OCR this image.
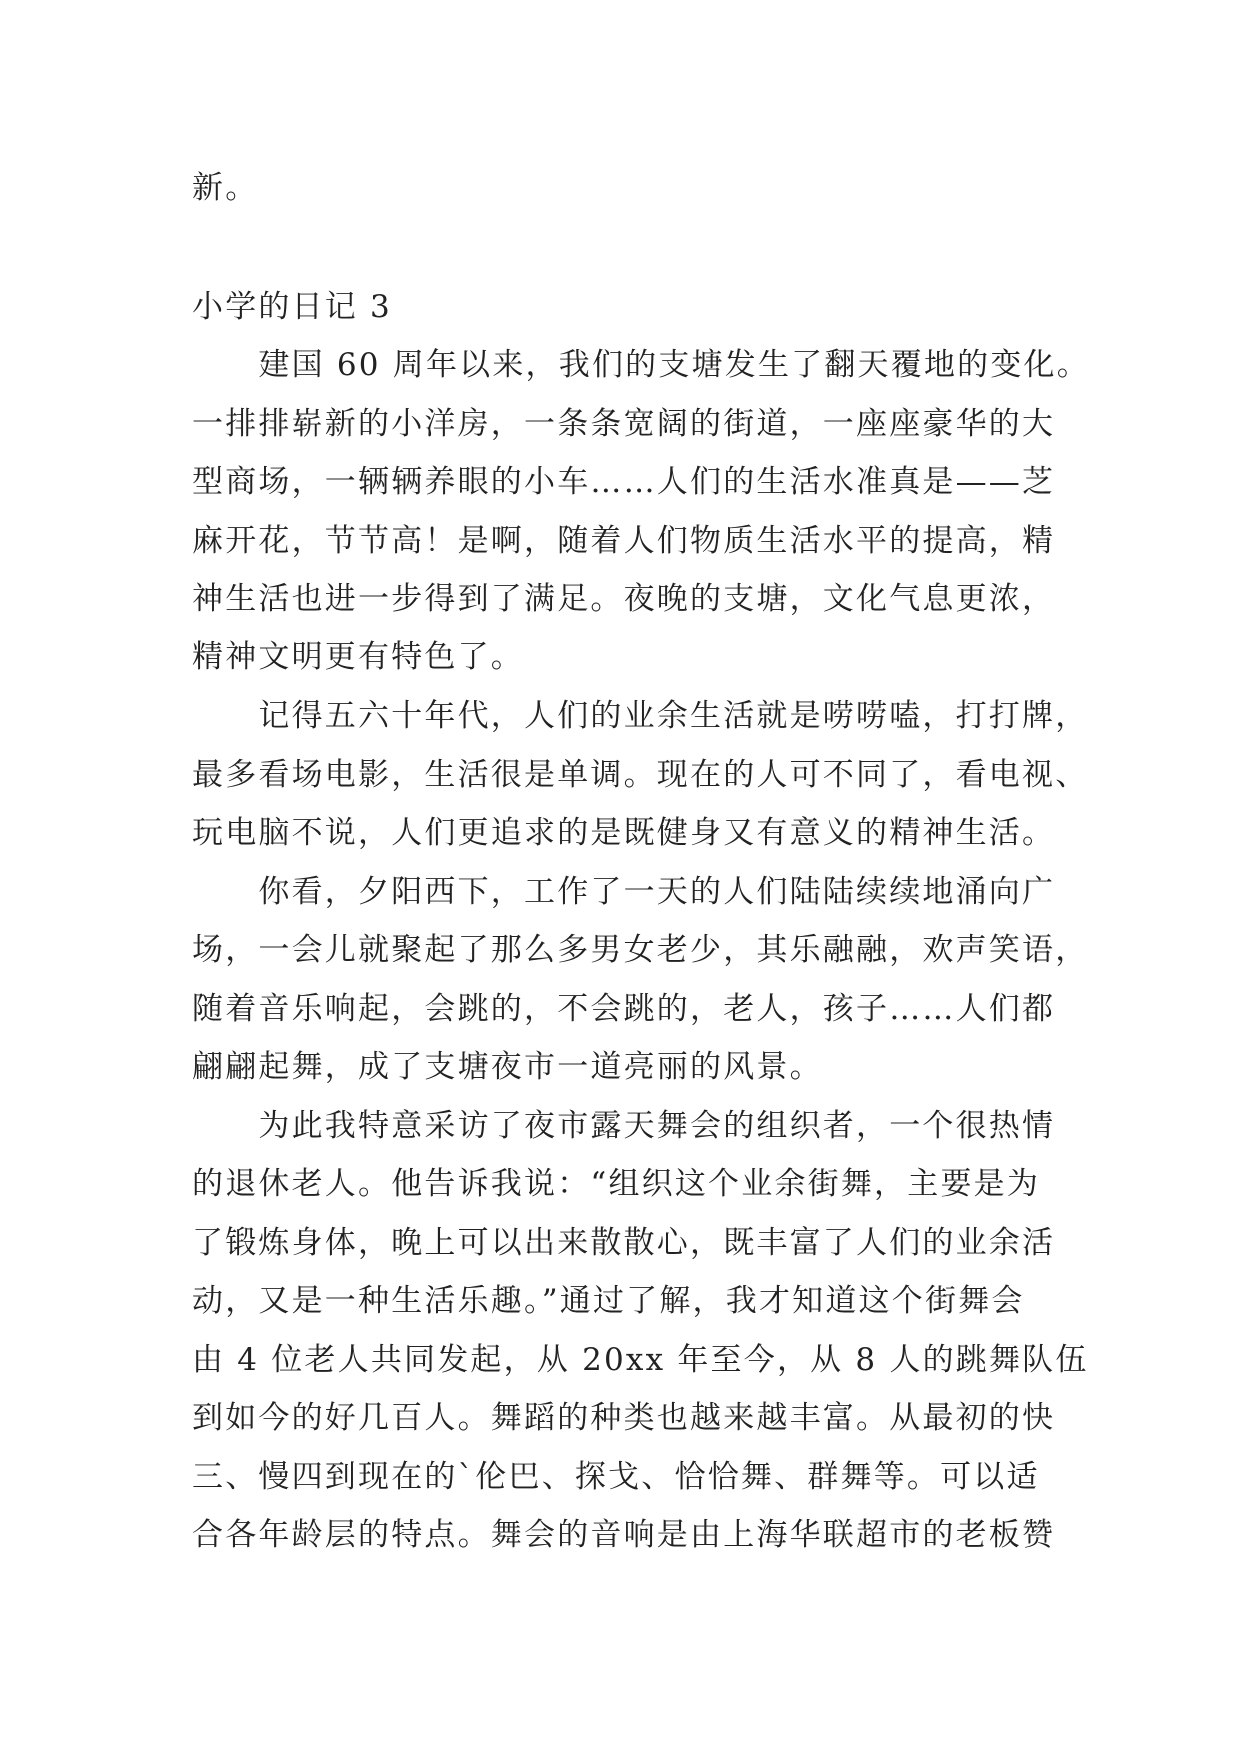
新。
小学的日记 3
　　建国 60 周年以来，我们的支塘发生了翻天覆地的变化。
一排排崭新的小洋房，一条条宽阔的街道，一座座豪华的大
型商场，一辆辆养眼的小车……人们的生活水准真是——芝
麻开花，节节高！是啊，随着人们物质生活水平的提高，精
神生活也进一步得到了满足。夜晚的支塘，文化气息更浓，
精神文明更有特色了。
　　记得五六十年代，人们的业余生活就是唠唠嗑，打打牌，
最多看场电影，生活很是单调。现在的人可不同了，看电视、
玩电脑不说，人们更追求的是既健身又有意义的精神生活。
　　你看，夕阳西下，工作了一天的人们陆陆续续地涌向广
场，一会儿就聚起了那么多男女老少，其乐融融，欢声笑语，
随着音乐响起，会跳的，不会跳的，老人，孩子……人们都
翩翩起舞，成了支塘夜市一道亮丽的风景。
　　为此我特意采访了夜市露天舞会的组织者，一个很热情
的退休老人。他告诉我说：“组织这个业余街舞，主要是为
了锻炼身体，晚上可以出来散散心，既丰富了人们的业余活
动，又是一种生活乐趣。”通过了解，我才知道这个街舞会
由 4 位老人共同发起，从 20xx 年至今，从 8 人的跳舞队伍
到如今的好几百人。舞蹈的种类也越来越丰富。从最初的快
三、慢四到现在的`伦巴、探戈、恰恰舞、群舞等。可以适
合各年龄层的特点。舞会的音响是由上海华联超市的老板赞
